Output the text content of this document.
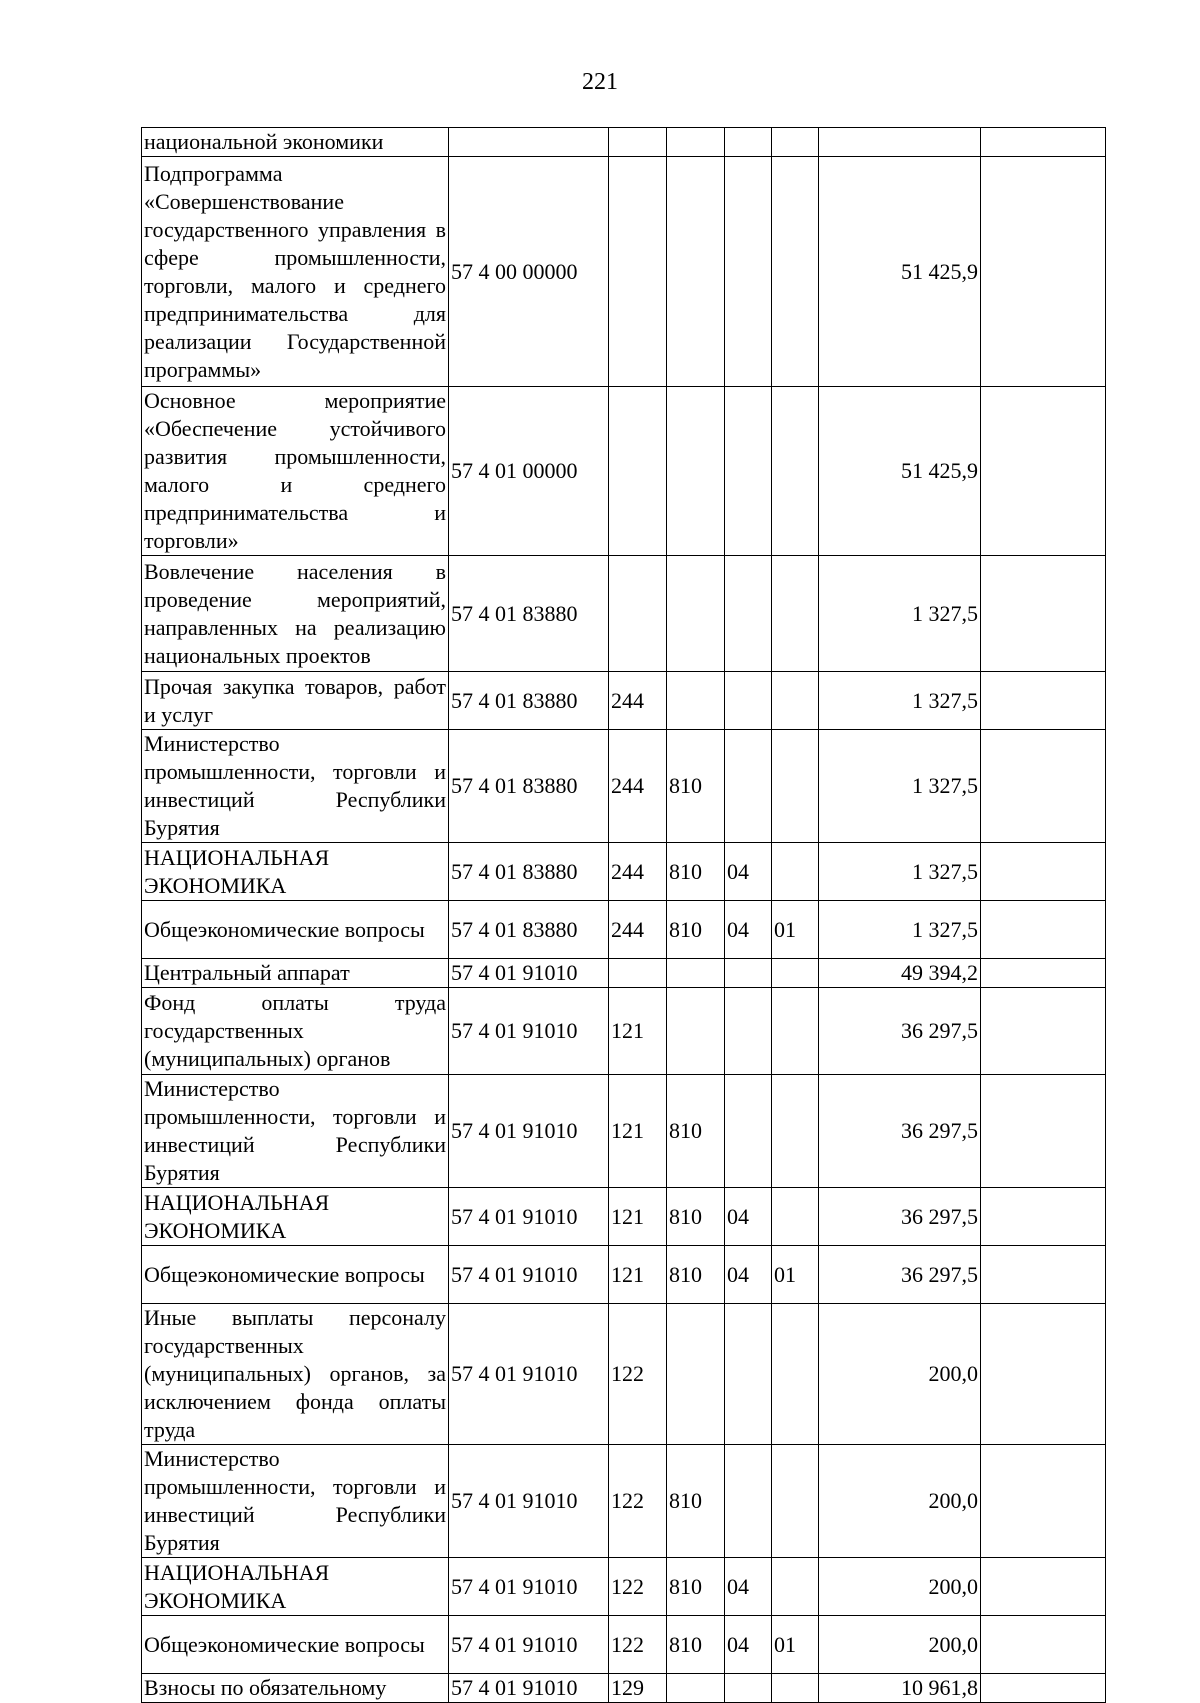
221
национальной экономики							
Подпрограмма «Совершенствование государственного управления в сфере промышленности, торговли, малого и среднего предпринимательства для реализации Государственной программы»	57 4 00 00000					51 425,9	
Основное мероприятие «Обеспечение устойчивого развития промышленности, малого и среднего предпринимательства и торговли»	57 4 01 00000					51 425,9	
Вовлечение населения в проведение мероприятий, направленных на реализацию национальных проектов	57 4 01 83880					1 327,5	
Прочая закупка товаров, работ и услуг	57 4 01 83880	244				1 327,5	
Министерство промышленности, торговли и инвестиций Республики Бурятия	57 4 01 83880	244	810			1 327,5	
НАЦИОНАЛЬНАЯ ЭКОНОМИКА	57 4 01 83880	244	810	04		1 327,5	
Общеэкономические вопросы	57 4 01 83880	244	810	04	01	1 327,5	
Центральный аппарат	57 4 01 91010					49 394,2	
Фонд оплаты труда государственных (муниципальных) органов	57 4 01 91010	121				36 297,5	
Министерство промышленности, торговли и инвестиций Республики Бурятия	57 4 01 91010	121	810			36 297,5	
НАЦИОНАЛЬНАЯ ЭКОНОМИКА	57 4 01 91010	121	810	04		36 297,5	
Общеэкономические вопросы	57 4 01 91010	121	810	04	01	36 297,5	
Иные выплаты персоналу государственных (муниципальных) органов, за исключением фонда оплаты труда	57 4 01 91010	122				200,0	
Министерство промышленности, торговли и инвестиций Республики Бурятия	57 4 01 91010	122	810			200,0	
НАЦИОНАЛЬНАЯ ЭКОНОМИКА	57 4 01 91010	122	810	04		200,0	
Общеэкономические вопросы	57 4 01 91010	122	810	04	01	200,0	
Взносы по обязательному	57 4 01 91010	129				10 961,8	
